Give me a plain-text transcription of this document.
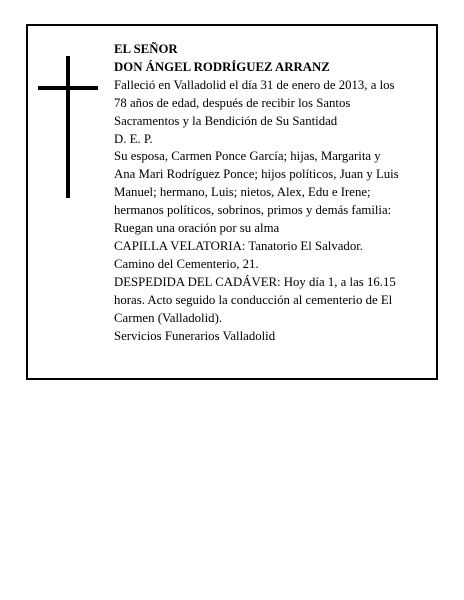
EL SEÑOR
DON ÁNGEL RODRÍGUEZ ARRANZ
Falleció en Valladolid el día 31 de enero de 2013, a los
78 años de edad, después de recibir los Santos
Sacramentos y la Bendición de Su Santidad
D. E. P.
Su esposa, Carmen Ponce García; hijas, Margarita y
Ana Mari Rodríguez Ponce; hijos políticos, Juan y Luis
Manuel; hermano, Luis; nietos, Alex, Edu e Irene;
hermanos políticos, sobrinos, primos y demás familia:
Ruegan una oración por su alma
CAPILLA VELATORIA: Tanatorio El Salvador.
Camino del Cementerio, 21.
DESPEDIDA DEL CADÁVER: Hoy día 1, a las 16.15
horas. Acto seguido la conducción al cementerio de El
Carmen (Valladolid).
Servicios Funerarios Valladolid
